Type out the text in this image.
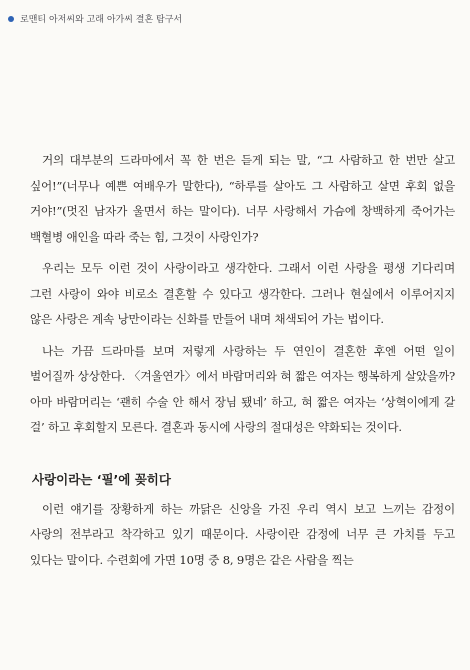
로맨티 아저씨와 고래 아가씨 결혼 탐구서

거의 대부분의 드라마에서 꼭 한 번은 듣게 되는 말, “그 사람하고 한 번만 살고 싶어!”(너무나 예쁜 여배우가 말한다), “하루를 살아도 그 사람하고 살면 후회 없을 거야!”(멋진 남자가 울면서 하는 말이다). 너무 사랑해서 가슴에 창백하게 죽어가는 백혈병 애인을 따라 죽는 힘, 그것이 사랑인가?

우리는 모두 이런 것이 사랑이라고 생각한다. 그래서 이런 사랑을 평생 기다리며 그런 사랑이 와야 비로소 결혼할 수 있다고 생각한다. 그러나 현실에서 이루어지지 않은 사랑은 계속 낭만이라는 신화를 만들어 내며 채색되어 가는 법이다.

나는 가끔 드라마를 보며 저렇게 사랑하는 두 연인이 결혼한 후엔 어떤 일이 벌어질까 상상한다. 〈겨울연가〉에서 바람머리와 혀 짧은 여자는 행복하게 살았을까? 아마 바람머리는 ‘괜히 수술 안 해서 장님 됐네’ 하고, 혀 짧은 여자는 ‘상혁이에게 갈 걸’ 하고 후회할지 모른다. 결혼과 동시에 사랑의 절대성은 약화되는 것이다.

사랑이라는 ‘필’에 꽂히다

이런 얘기를 장황하게 하는 까닭은 신앙을 가진 우리 역시 보고 느끼는 감정이 사랑의 전부라고 착각하고 있기 때문이다. 사랑이란 감정에 너무 큰 가치를 두고 있다는 말이다. 수련회에 가면 10명 중 8, 9명은 같은 사람을 찍는
